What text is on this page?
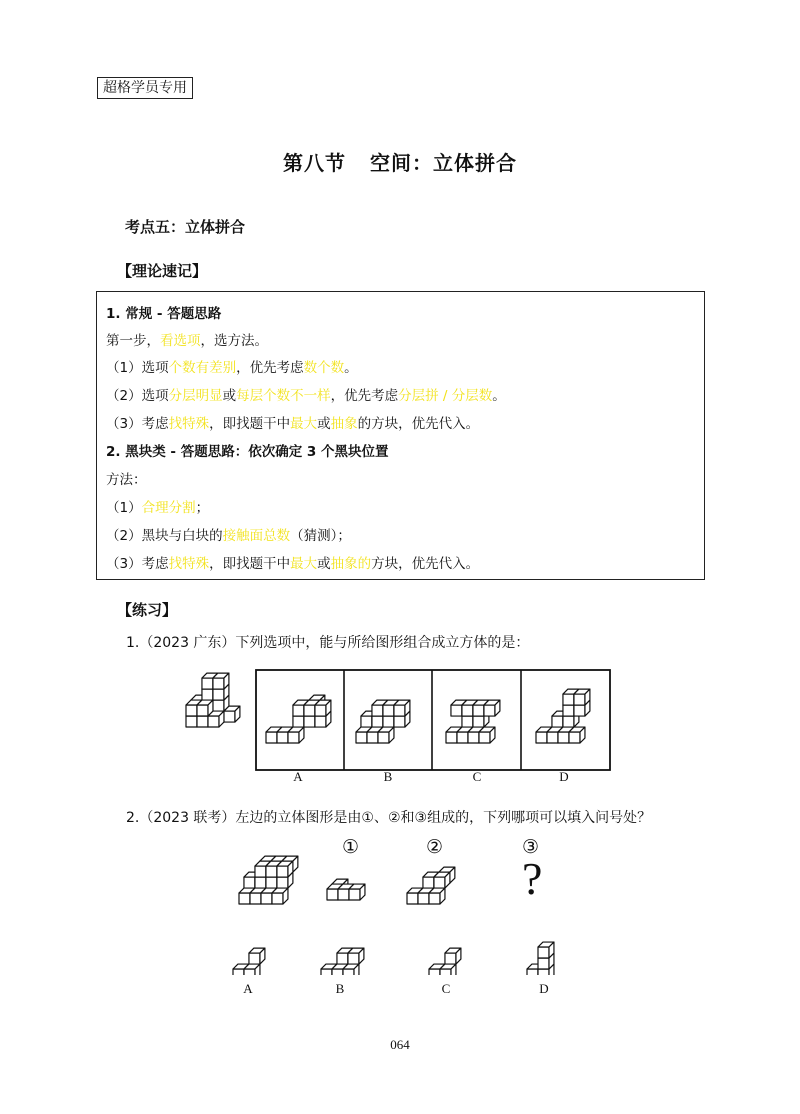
超格学员专用
第八节 空间：立体拼合
考点五：立体拼合
【理论速记】
1. 常规 - 答题思路
第一步，看选项，选方法。
（1）选项个数有差别，优先考虑数个数。
（2）选项分层明显或每层个数不一样，优先考虑分层拼 / 分层数。
（3）考虑找特殊，即找题干中最大或抽象的方块，优先代入。
2. 黑块类 - 答题思路：依次确定 3 个黑块位置
方法：
（1）合理分割；
（2）黑块与白块的接触面总数（猜测）；
（3）考虑找特殊，即找题干中最大或抽象的方块，优先代入。
【练习】
1.（2023 广东）下列选项中，能与所给图形组合成立方体的是：
A	B	C	D
2.（2023 联考）左边的立体图形是由①、②和③组成的，下列哪项可以填入问号处？
①	②	③
?
A	B	C	D
064
